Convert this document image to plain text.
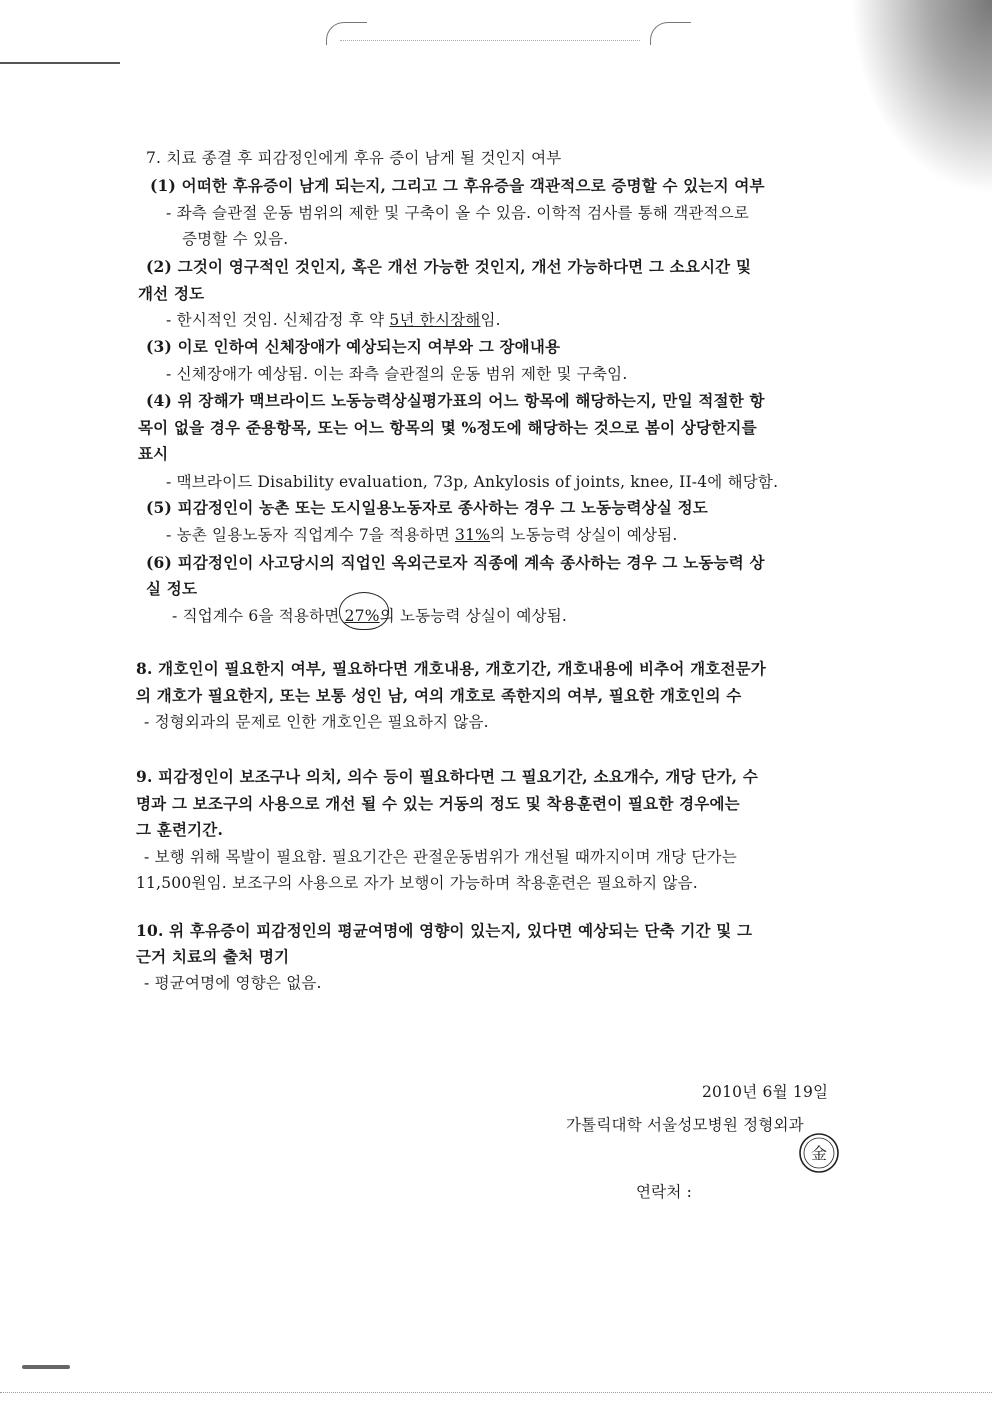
7. 치료 종결 후 피감정인에게 후유 증이 남게 될 것인지 여부
(1) 어떠한 후유증이 남게 되는지, 그리고 그 후유증을 객관적으로 증명할 수 있는지 여부
- 좌측 슬관절 운동 범위의 제한 및 구축이 올 수 있음. 이학적 검사를 통해 객관적으로
증명할 수 있음.
(2) 그것이 영구적인 것인지, 혹은 개선 가능한 것인지, 개선 가능하다면 그 소요시간 및
개선 정도
- 한시적인 것임. 신체감정 후 약 5년 한시장해임.
(3) 이로 인하여 신체장애가 예상되는지 여부와 그 장애내용
- 신체장애가 예상됨. 이는 좌측 슬관절의 운동 범위 제한 및 구축임.
(4) 위 장해가 맥브라이드 노동능력상실평가표의 어느 항목에 해당하는지, 만일 적절한 항
목이 없을 경우 준용항목, 또는 어느 항목의 몇 %정도에 해당하는 것으로 봄이 상당한지를
표시
- 맥브라이드 Disability evaluation, 73p, Ankylosis of joints, knee, II-4에 해당함.
(5) 피감정인이 농촌 또는 도시일용노동자로 종사하는 경우 그 노동능력상실 정도
- 농촌 일용노동자 직업계수 7을 적용하면 31%의 노동능력 상실이 예상됨.
(6) 피감정인이 사고당시의 직업인 옥외근로자 직종에 계속 종사하는 경우 그 노동능력 상
실 정도
- 직업계수 6을 적용하면 27%의 노동능력 상실이 예상됨.
8. 개호인이 필요한지 여부, 필요하다면 개호내용, 개호기간, 개호내용에 비추어 개호전문가
의 개호가 필요한지, 또는 보통 성인 남, 여의 개호로 족한지의 여부, 필요한 개호인의 수
- 정형외과의 문제로 인한 개호인은 필요하지 않음.
9. 피감정인이 보조구나 의치, 의수 등이 필요하다면 그 필요기간, 소요개수, 개당 단가, 수
명과 그 보조구의 사용으로 개선 될 수 있는 거동의 정도 및 착용훈련이 필요한 경우에는
그 훈련기간.
- 보행 위해 목발이 필요함. 필요기간은 관절운동범위가 개선될 때까지이며 개당 단가는
11,500원임. 보조구의 사용으로 자가 보행이 가능하며 착용훈련은 필요하지 않음.
10. 위 후유증이 피감정인의 평균여명에 영향이 있는지, 있다면 예상되는 단축 기간 및 그
근거 치료의 출처 명기
- 평균여명에 영향은 없음.
2010년 6월 19일
가톨릭대학 서울성모병원 정형외과
金
연락처 :
